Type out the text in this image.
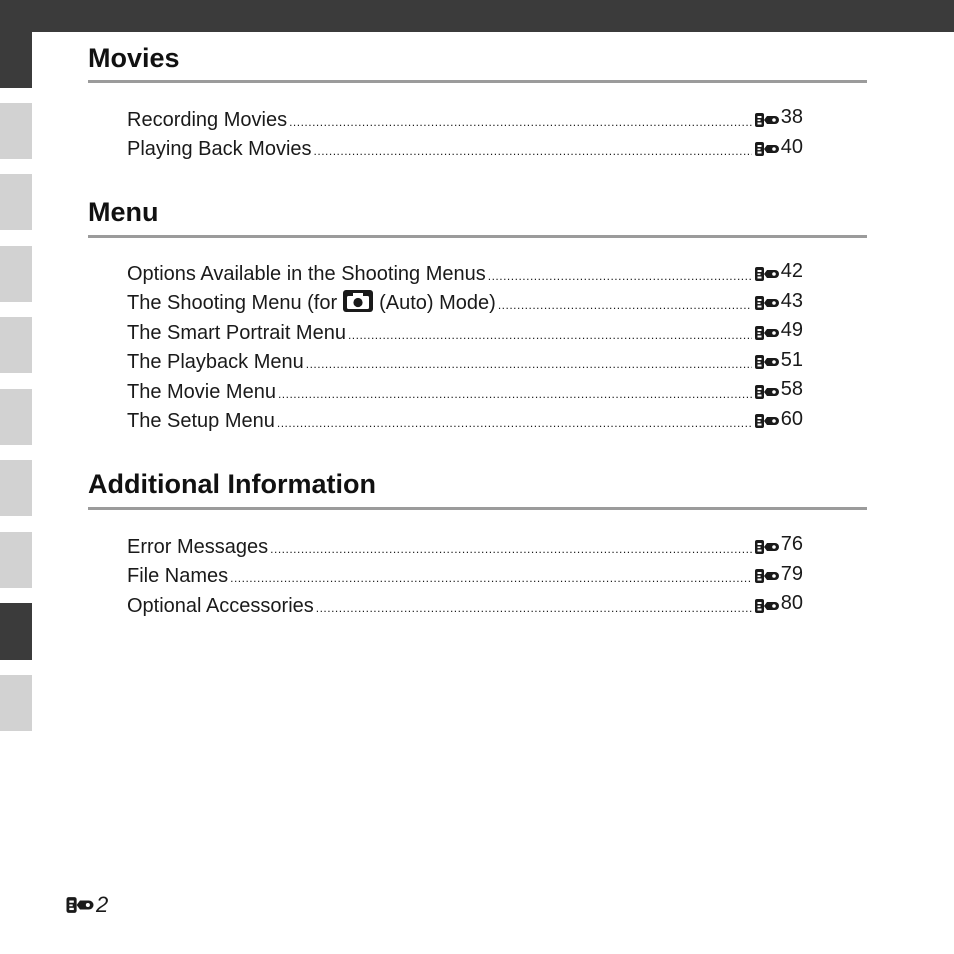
Movies
Recording Movies .....	38
Playing Back Movies .....	40
Menu
Options Available in the Shooting Menus .....	42
The Shooting Menu (for (Auto) Mode) .....	43
The Smart Portrait Menu .....	49
The Playback Menu .....	51
The Movie Menu .....	58
The Setup Menu .....	60
Additional Information
Error Messages .....	76
File Names .....	79
Optional Accessories .....	80
2
